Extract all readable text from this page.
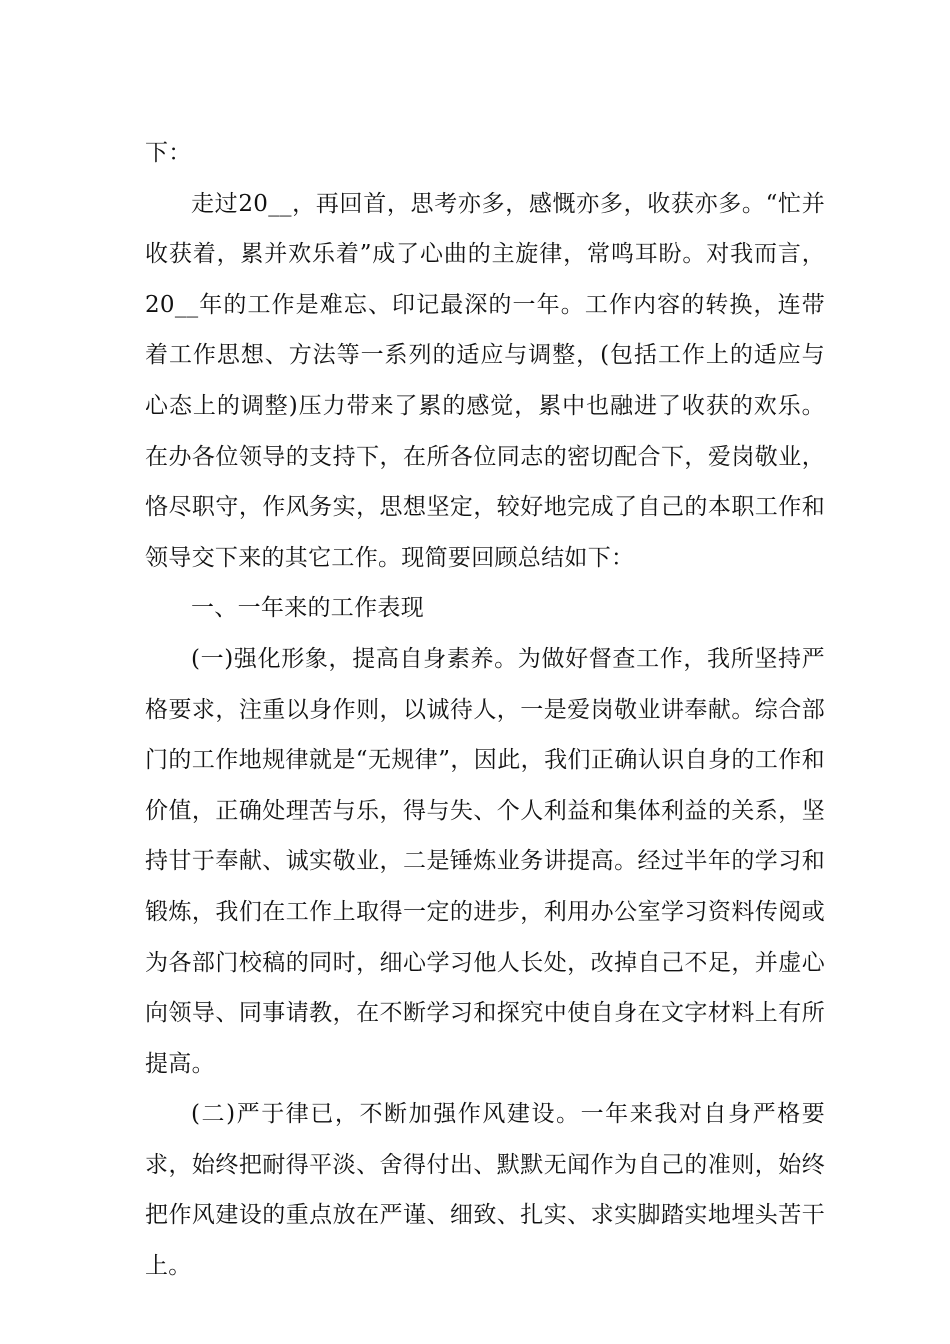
下：

走过20__，再回首，思考亦多，感慨亦多，收获亦多。“忙并收获着，累并欢乐着”成了心曲的主旋律，常鸣耳盼。对我而言，20__年的工作是难忘、印记最深的一年。工作内容的转换，连带着工作思想、方法等一系列的适应与调整，(包括工作上的适应与心态上的调整)压力带来了累的感觉，累中也融进了收获的欢乐。在办各位领导的支持下，在所各位同志的密切配合下，爱岗敬业，恪尽职守，作风务实，思想坚定，较好地完成了自己的本职工作和领导交下来的其它工作。现简要回顾总结如下：

一、一年来的工作表现

(一)强化形象，提高自身素养。为做好督查工作，我所坚持严格要求，注重以身作则，以诚待人，一是爱岗敬业讲奉献。综合部门的工作地规律就是“无规律”，因此，我们正确认识自身的工作和价值，正确处理苦与乐，得与失、个人利益和集体利益的关系，坚持甘于奉献、诚实敬业，二是锤炼业务讲提高。经过半年的学习和锻炼，我们在工作上取得一定的进步，利用办公室学习资料传阅或为各部门校稿的同时，细心学习他人长处，改掉自己不足，并虚心向领导、同事请教，在不断学习和探究中使自身在文字材料上有所提高。

(二)严于律已，不断加强作风建设。一年来我对自身严格要求，始终把耐得平淡、舍得付出、默默无闻作为自己的准则，始终把作风建设的重点放在严谨、细致、扎实、求实脚踏实地埋头苦干上。
